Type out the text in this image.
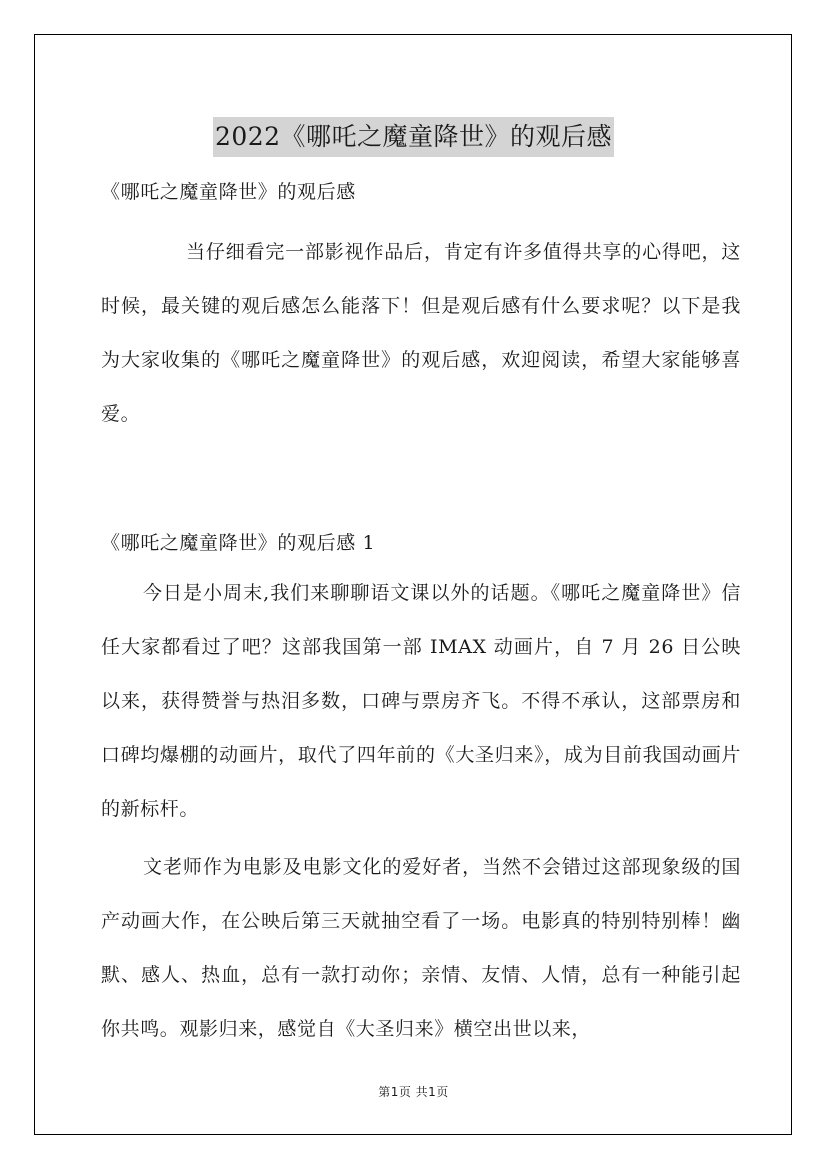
2022《哪吒之魔童降世》的观后感

《哪吒之魔童降世》的观后感

当仔细看完一部影视作品后，肯定有许多值得共享的心得吧，这时候，最关键的观后感怎么能落下！但是观后感有什么要求呢？以下是我为大家收集的《哪吒之魔童降世》的观后感，欢迎阅读，希望大家能够喜爱。

《哪吒之魔童降世》的观后感 1

今日是小周末,我们来聊聊语文课以外的话题。《哪吒之魔童降世》信任大家都看过了吧？这部我国第一部 IMAX 动画片，自 7 月 26 日公映以来，获得赞誉与热泪多数，口碑与票房齐飞。不得不承认，这部票房和口碑均爆棚的动画片，取代了四年前的《大圣归来》，成为目前我国动画片的新标杆。

文老师作为电影及电影文化的爱好者，当然不会错过这部现象级的国产动画大作，在公映后第三天就抽空看了一场。电影真的特别特别棒！幽默、感人、热血，总有一款打动你；亲情、友情、人情，总有一种能引起你共鸣。观影归来，感觉自《大圣归来》横空出世以来，

第1页 共1页
